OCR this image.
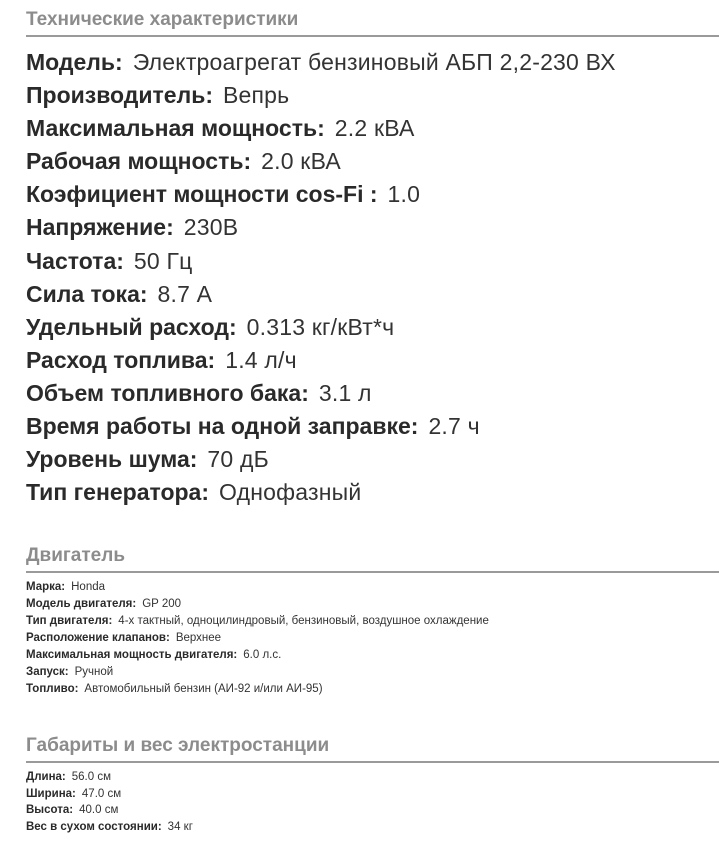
Технические характеристики
Модель: Электроагрегат бензиновый АБП 2,2-230 ВХ
Производитель: Вепрь
Максимальная мощность: 2.2 кВА
Рабочая мощность: 2.0 кВА
Коэфициент мощности cos-Fi : 1.0
Напряжение: 230В
Частота: 50 Гц
Сила тока: 8.7 А
Удельный расход: 0.313 кг/кВт*ч
Расход топлива: 1.4 л/ч
Объем топливного бака: 3.1 л
Время работы на одной заправке: 2.7 ч
Уровень шума: 70 дБ
Тип генератора: Однофазный
Двигатель
Марка: Honda
Модель двигателя: GP 200
Тип двигателя: 4-х тактный, одноцилиндровый, бензиновый, воздушное охлаждение
Расположение клапанов: Верхнее
Максимальная мощность двигателя: 6.0 л.с.
Запуск: Ручной
Топливо: Автомобильный бензин (АИ-92 и/или АИ-95)
Габариты и вес электростанции
Длина: 56.0 см
Ширина: 47.0 см
Высота: 40.0 см
Вес в сухом состоянии: 34 кг
